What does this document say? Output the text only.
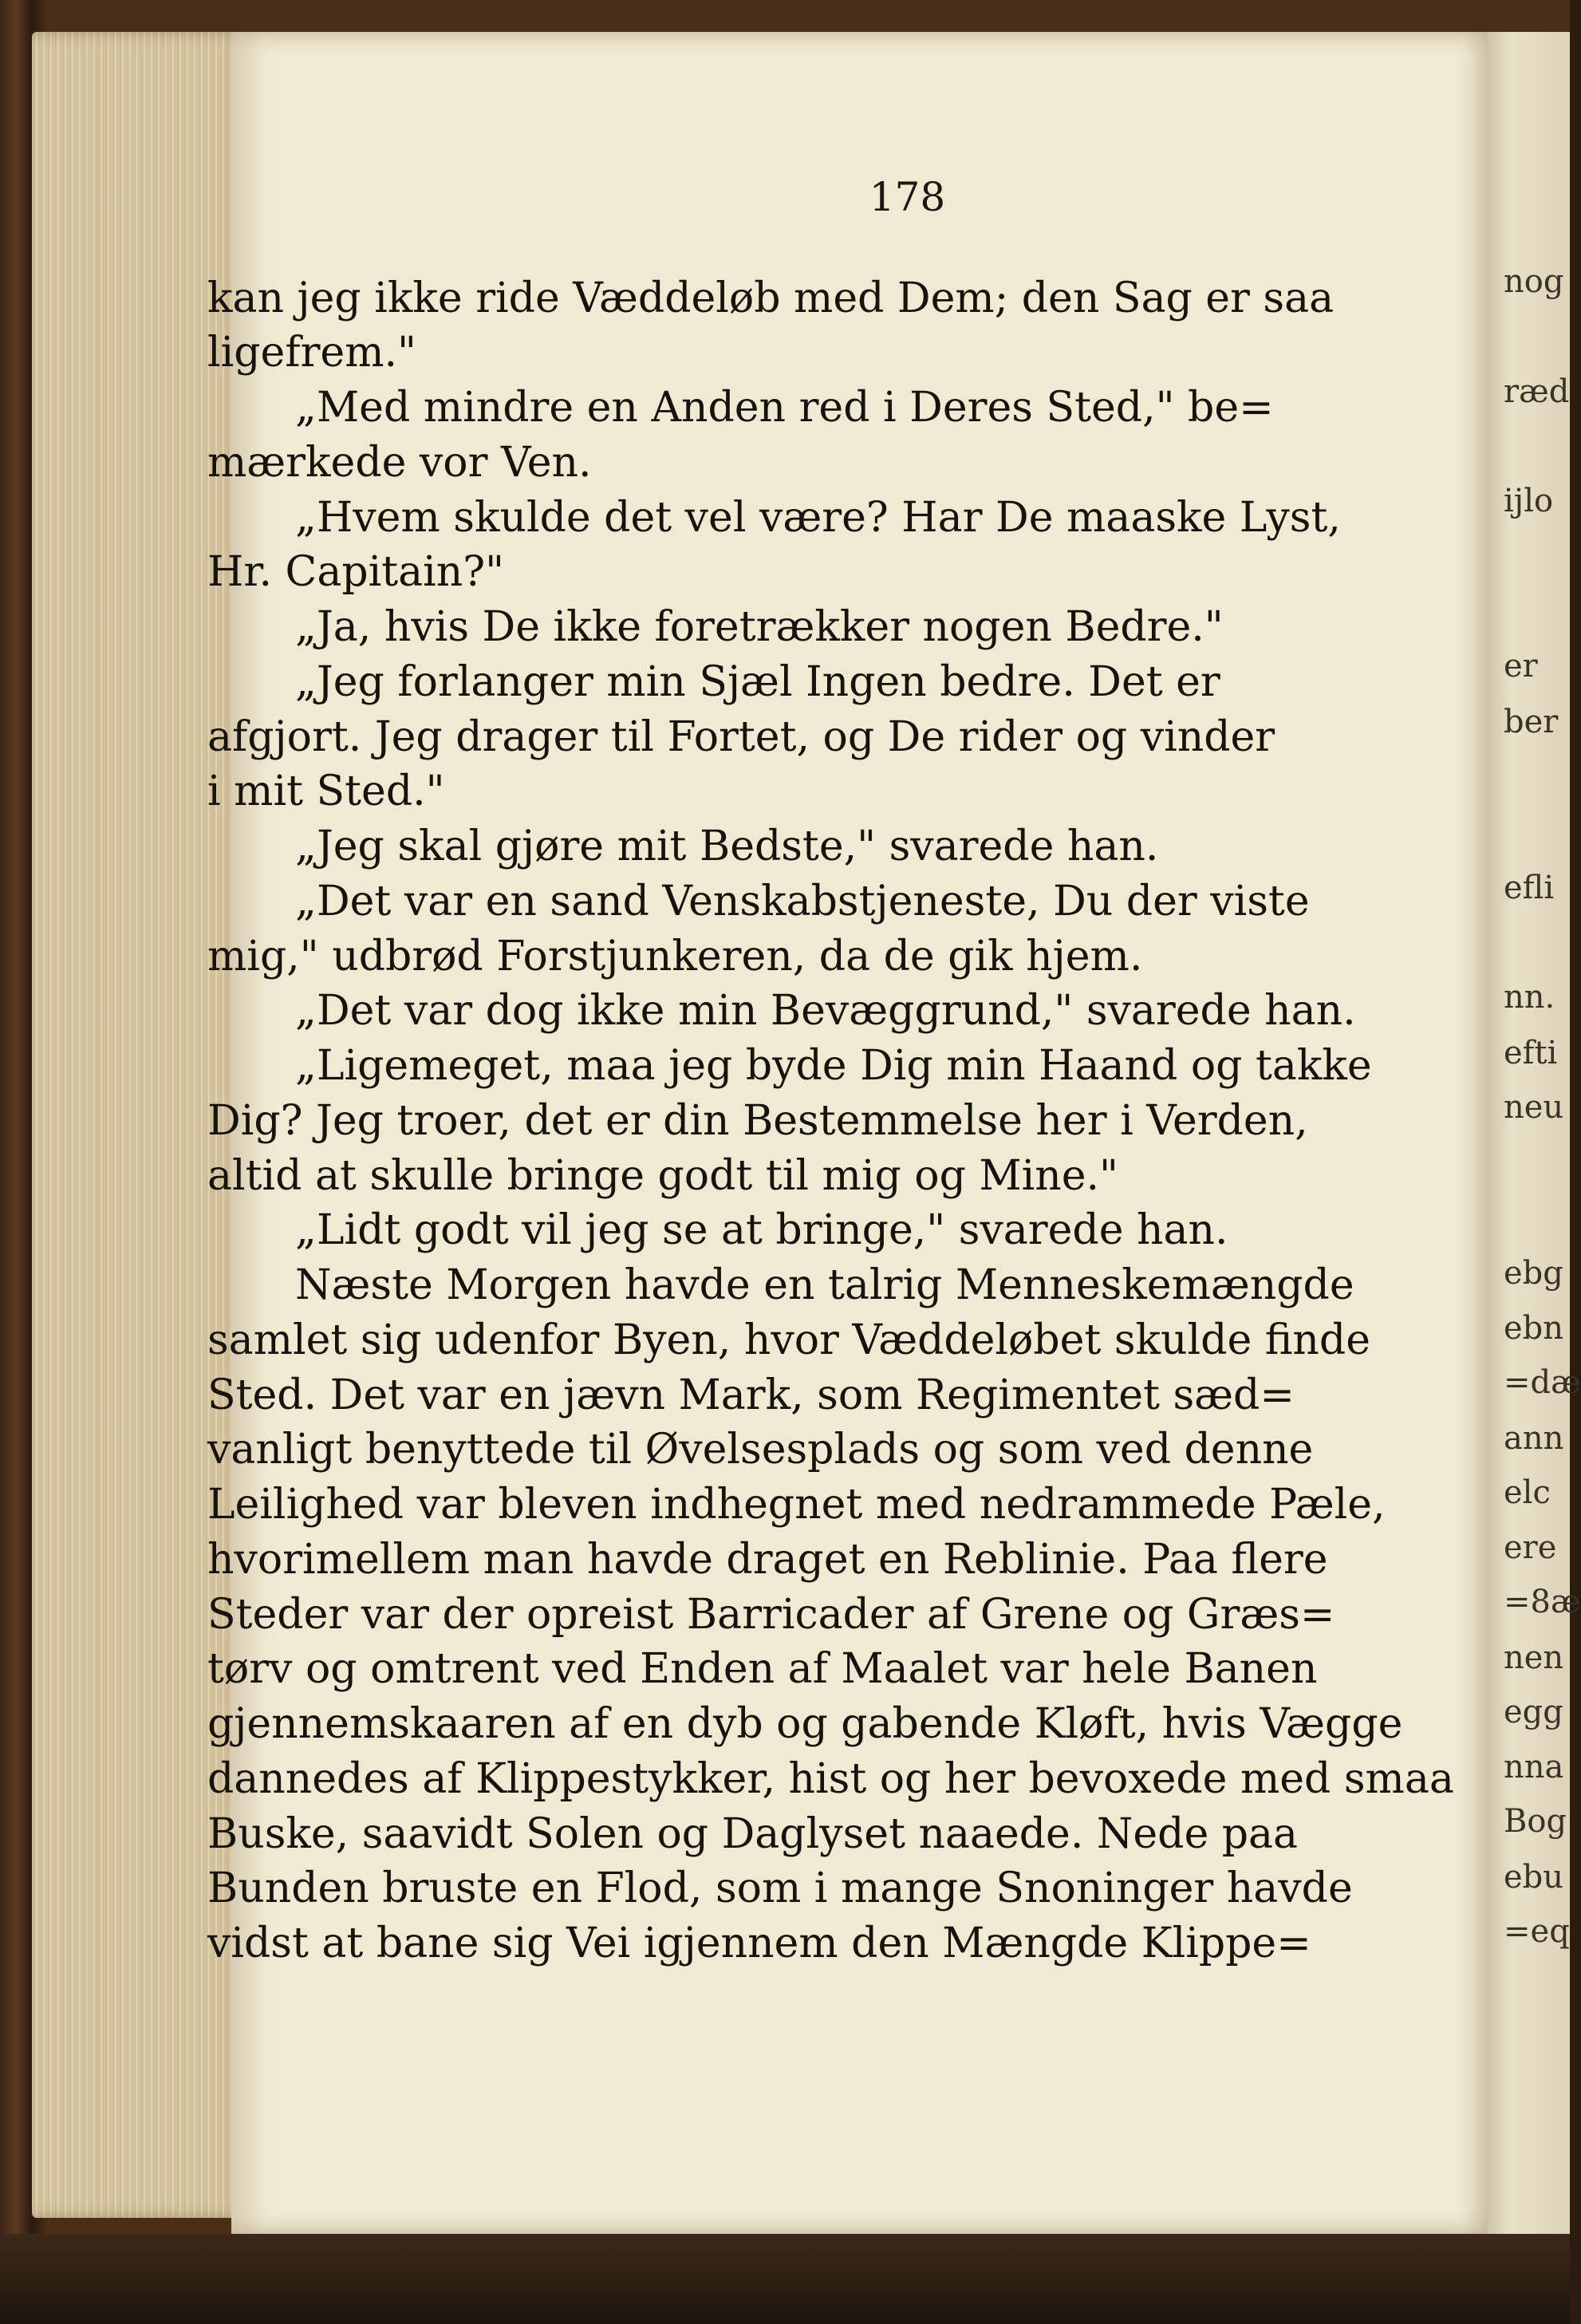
178
nog
ræd
ijlo
er
ber
efli
nn.
efti
neu
ebg
ebn
=dæ
ann
elc
ere
=8æ
nen
egg
nna
Bog
ebu
=eq
kan jeg ikke ride Væddeløb med Dem; den Sag er saa
ligefrem."
„Med mindre en Anden red i Deres Sted," be=
mærkede vor Ven.
„Hvem skulde det vel være? Har De maaske Lyst,
Hr. Capitain?"
„Ja, hvis De ikke foretrækker nogen Bedre."
„Jeg forlanger min Sjæl Ingen bedre. Det er
afgjort. Jeg drager til Fortet, og De rider og vinder
i mit Sted."
„Jeg skal gjøre mit Bedste," svarede han.
„Det var en sand Venskabstjeneste, Du der viste
mig," udbrød Forstjunkeren, da de gik hjem.
„Det var dog ikke min Bevæggrund," svarede han.
„Ligemeget, maa jeg byde Dig min Haand og takke
Dig? Jeg troer, det er din Bestemmelse her i Verden,
altid at skulle bringe godt til mig og Mine."
„Lidt godt vil jeg se at bringe," svarede han.
Næste Morgen havde en talrig Menneskemængde
samlet sig udenfor Byen, hvor Væddeløbet skulde finde
Sted. Det var en jævn Mark, som Regimentet sæd=
vanligt benyttede til Øvelsesplads og som ved denne
Leilighed var bleven indhegnet med nedrammede Pæle,
hvorimellem man havde draget en Reblinie. Paa flere
Steder var der opreist Barricader af Grene og Græs=
tørv og omtrent ved Enden af Maalet var hele Banen
gjennemskaaren af en dyb og gabende Kløft, hvis Vægge
dannedes af Klippestykker, hist og her bevoxede med smaa
Buske, saavidt Solen og Daglyset naaede. Nede paa
Bunden bruste en Flod, som i mange Snoninger havde
vidst at bane sig Vei igjennem den Mængde Klippe=
